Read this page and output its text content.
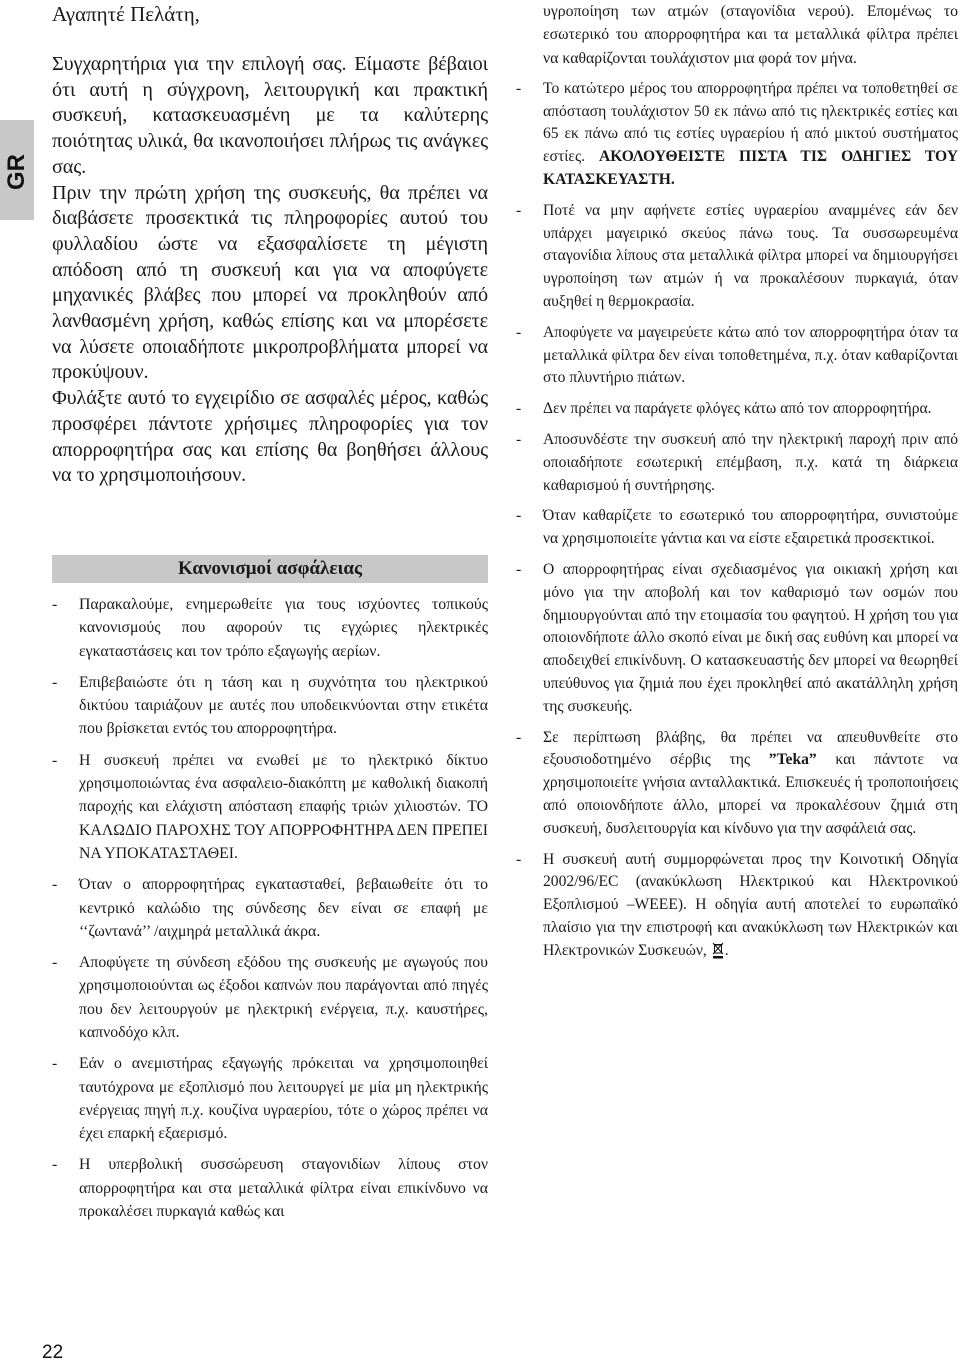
GR
22
Αγαπητέ Πελάτη,

Συγχαρητήρια για την επιλογή σας. Είμαστε βέβαιοι ότι αυτή η σύγχρονη, λειτουργική και πρακτική συσκευή, κατασκευασμένη με τα καλύτερης ποιότητας υλικά, θα ικανοποιήσει πλήρως τις ανάγκες σας.

Πριν την πρώτη χρήση της συσκευής, θα πρέπει να διαβάσετε προσεκτικά τις πληροφορίες αυτού του φυλλαδίου ώστε να εξασφαλίσετε τη μέγιστη απόδοση από τη συσκευή και για να αποφύγετε μηχανικές βλάβες που μπορεί να προκληθούν από λανθασμένη χρήση, καθώς επίσης και να μπορέσετε να λύσετε οποιαδήποτε μικροπροβλήματα μπορεί να προκύψουν.

Φυλάξτε αυτό το εγχειρίδιο σε ασφαλές μέρος, καθώς προσφέρει πάντοτε χρήσιμες πληροφορίες για τον απορροφητήρα σας και επίσης θα βοηθήσει άλλους να το χρησιμοποιήσουν.

Κανονισμοί ασφάλειας
- Παρακαλούμε, ενημερωθείτε για τους ισχύοντες τοπικούς κανονισμούς που αφορούν τις εγχώριες ηλεκτρικές εγκαταστάσεις και τον τρόπο εξαγωγής αερίων.
- Επιβεβαιώστε ότι η τάση και η συχνότητα του ηλεκτρικού δικτύου ταιριάζουν με αυτές που υποδεικνύονται στην ετικέτα που βρίσκεται εντός του απορροφητήρα.
- Η συσκευή πρέπει να ενωθεί με το ηλεκτρικό δίκτυο χρησιμοποιώντας ένα ασφαλειο-διακόπτη με καθολική διακοπή παροχής και ελάχιστη απόσταση επαφής τριών χιλιοστών. ΤΟ ΚΑΛΩΔΙΟ ΠΑΡΟΧΗΣ ΤΟΥ ΑΠΟΡΡΟΦΗΤΗΡΑ ΔΕΝ ΠΡΕΠΕΙ ΝΑ ΥΠΟΚΑΤΑΣΤΑΘΕΙ.
- Όταν ο απορροφητήρας εγκατασταθεί, βεβαιωθείτε ότι το κεντρικό καλώδιο της σύνδεσης δεν είναι σε επαφή με ‘‘ζωντανά’’ /αιχμηρά μεταλλικά άκρα.
- Αποφύγετε τη σύνδεση εξόδου της συσκευής με αγωγούς που χρησιμοποιούνται ως έξοδοι καπνών που παράγονται από πηγές που δεν λειτουργούν με ηλεκτρική ενέργεια, π.χ. καυστήρες, καπνοδόχο κλπ.
- Εάν ο ανεμιστήρας εξαγωγής πρόκειται να χρησιμοποιηθεί ταυτόχρονα με εξοπλισμό που λειτουργεί με μία μη ηλεκτρικής ενέργειας πηγή π.χ. κουζίνα υγραερίου, τότε ο χώρος πρέπει να έχει επαρκή εξαερισμό.
- Η υπερβολική συσσώρευση σταγονιδίων λίπους στον απορροφητήρα και στα μεταλλικά φίλτρα είναι επικίνδυνο να προκαλέσει πυρκαγιά καθώς και

υγροποίηση των ατμών (σταγονίδια νερού). Επομένως το εσωτερικό του απορροφητήρα και τα μεταλλικά φίλτρα πρέπει να καθαρίζονται τουλάχιστον μια φορά τον μήνα.

- Το κατώτερο μέρος του απορροφητήρα πρέπει να τοποθετηθεί σε απόσταση τουλάχιστον 50 εκ πάνω από τις ηλεκτρικές εστίες και 65 εκ πάνω από τις εστίες υγραερίου ή από μικτού συστήματος εστίες. ΑΚΟΛΟΥΘΕΙΣΤΕ ΠΙΣΤΑ ΤΙΣ ΟΔΗΓΙΕΣ ΤΟΥ ΚΑΤΑΣΚΕΥΑΣΤΗ.
- Ποτέ να μην αφήνετε εστίες υγραερίου αναμμένες εάν δεν υπάρχει μαγειρικό σκεύος πάνω τους. Τα συσσωρευμένα σταγονίδια λίπους στα μεταλλικά φίλτρα μπορεί να δημιουργήσει υγροποίηση των ατμών ή να προκαλέσουν πυρκαγιά, όταν αυξηθεί η θερμοκρασία.
- Αποφύγετε να μαγειρεύετε κάτω από τον απορροφητήρα όταν τα μεταλλικά φίλτρα δεν είναι τοποθετημένα, π.χ. όταν καθαρίζονται στο πλυντήριο πιάτων.
- Δεν πρέπει να παράγετε φλόγες κάτω από τον απορροφητήρα.
- Αποσυνδέστε την συσκευή από την ηλεκτρική παροχή πριν από οποιαδήποτε εσωτερική επέμβαση, π.χ. κατά τη διάρκεια καθαρισμού ή συντήρησης.
- Όταν καθαρίζετε το εσωτερικό του απορροφητήρα, συνιστούμε να χρησιμοποιείτε γάντια και να είστε εξαιρετικά προσεκτικοί.
- Ο απορροφητήρας είναι σχεδιασμένος για οικιακή χρήση και μόνο για την αποβολή και τον καθαρισμό των οσμών που δημιουργούνται από την ετοιμασία του φαγητού. Η χρήση του για οποιονδήποτε άλλο σκοπό είναι με δική σας ευθύνη και μπορεί να αποδειχθεί επικίνδυνη. Ο κατασκευαστής δεν μπορεί να θεωρηθεί υπεύθυνος για ζημιά που έχει προκληθεί από ακατάλληλη χρήση της συσκευής.
- Σε περίπτωση βλάβης, θα πρέπει να απευθυνθείτε στο εξουσιοδοτημένο σέρβις της ”Teka” και πάντοτε να χρησιμοποιείτε γνήσια ανταλλακτικά. Επισκευές ή τροποποιήσεις από οποιονδήποτε άλλο, μπορεί να προκαλέσουν ζημιά στη συσκευή, δυσλειτουργία και κίνδυνο για την ασφάλειά σας.
- Η συσκευή αυτή συμμορφώνεται προς την Κοινοτική Οδηγία 2002/96/EC (ανακύκλωση Ηλεκτρικού και Ηλεκτρονικού Εξοπλισμού –WEEE). Η οδηγία αυτή αποτελεί το ευρωπαϊκό πλαίσιο για την επιστροφή και ανακύκλωση των Ηλεκτρικών και Ηλεκτρονικών Συσκευών, .
